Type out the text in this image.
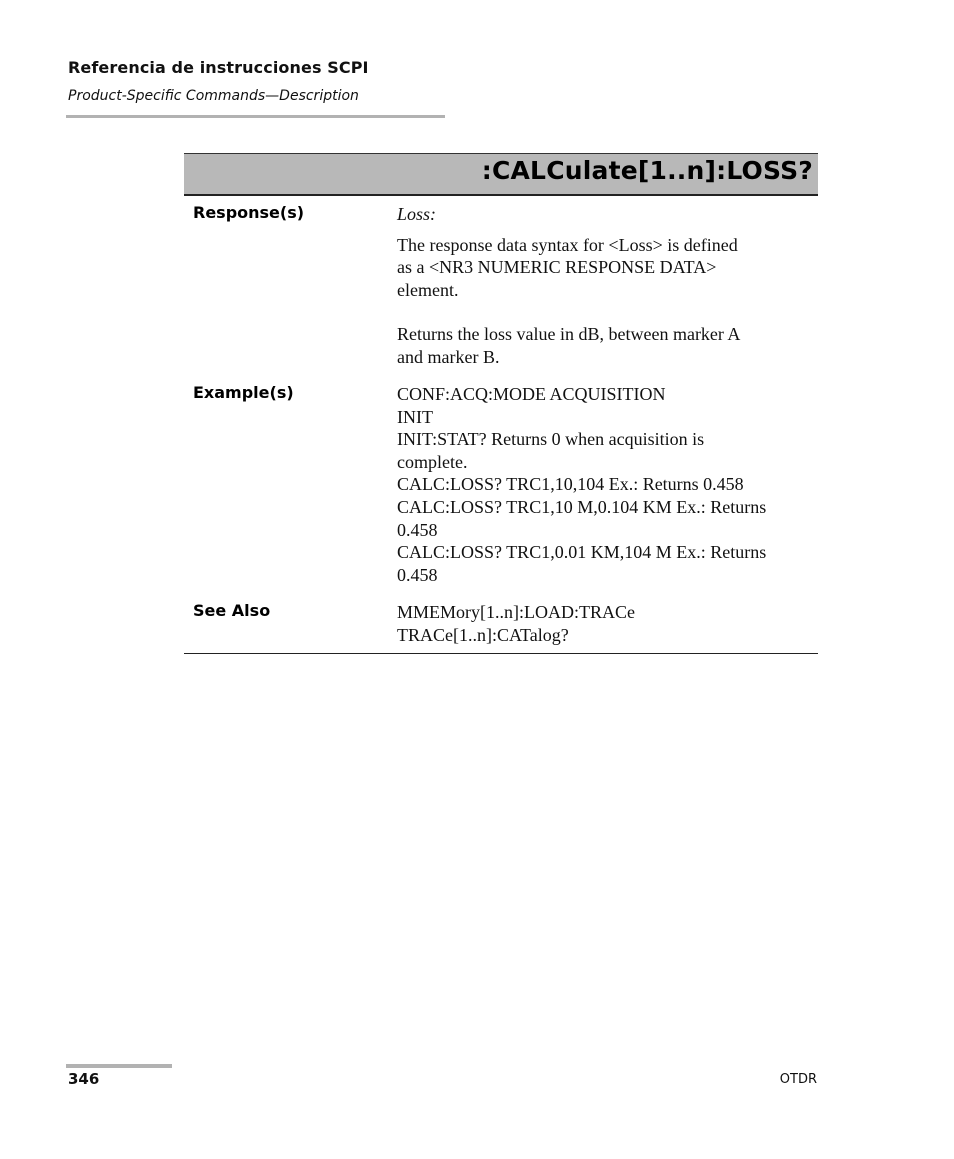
Referencia de instrucciones SCPI
Product-Specific Commands—Description
:CALCulate[1..n]:LOSS?
Response(s)	Loss:

The response data syntax for <Loss> is defined

as a <NR3 NUMERIC RESPONSE DATA>

element.

Returns the loss value in dB, between marker A

and marker B.

Example(s)	CONF:ACQ:MODE ACQUISITION

INIT

INIT:STAT? Returns 0 when acquisition is

complete.

CALC:LOSS? TRC1,10,104 Ex.: Returns 0.458

CALC:LOSS? TRC1,10 M,0.104 KM Ex.: Returns

0.458

CALC:LOSS? TRC1,0.01 KM,104 M Ex.: Returns

0.458

See Also	MMEMory[1..n]:LOAD:TRACe

TRACe[1..n]:CATalog?

346	OTDR
